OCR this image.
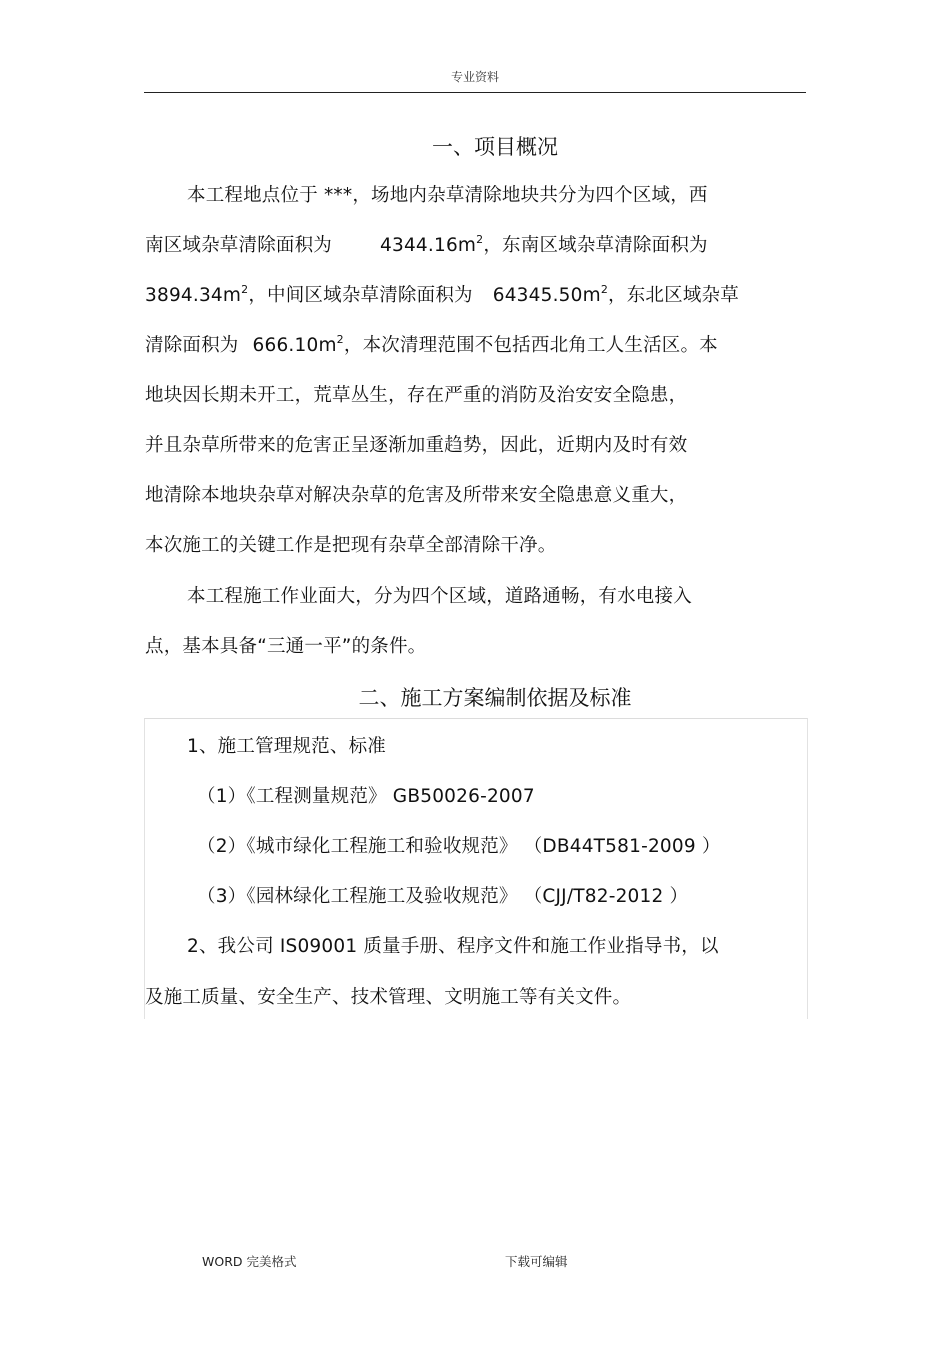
专业资料
一、项目概况
本工程地点位于 ***，场地内杂草清除地块共分为四个区域，西
南区域杂草清除面积为	$4344.16m^2$，东南区域杂草清除面积为
$3894.34m^2$，中间区域杂草清除面积为 $64345.50m^2$，东北区域杂草
清除面积为 $666.10m^2$，本次清理范围不包括西北角工人生活区。本
地块因长期未开工，荒草丛生，存在严重的消防及治安安全隐患，
并且杂草所带来的危害正呈逐渐加重趋势，因此，近期内及时有效
地清除本地块杂草对解决杂草的危害及所带来安全隐患意义重大，
本次施工的关键工作是把现有杂草全部清除干净。
本工程施工作业面大，分为四个区域，道路通畅，有水电接入
点，基本具备“三通一平”的条件。
二、施工方案编制依据及标准
1、施工管理规范、标准
（1）《工程测量规范》 GB50026-2007
（2）《城市绿化工程施工和验收规范》 （DB44T581-2009 ）
（3）《园林绿化工程施工及验收规范》 （CJJ/T82-2012 ）
2、我公司 IS09001 质量手册、程序文件和施工作业指导书，以
及施工质量、安全生产、技术管理、文明施工等有关文件。
WORD 完美格式	下载可编辑
